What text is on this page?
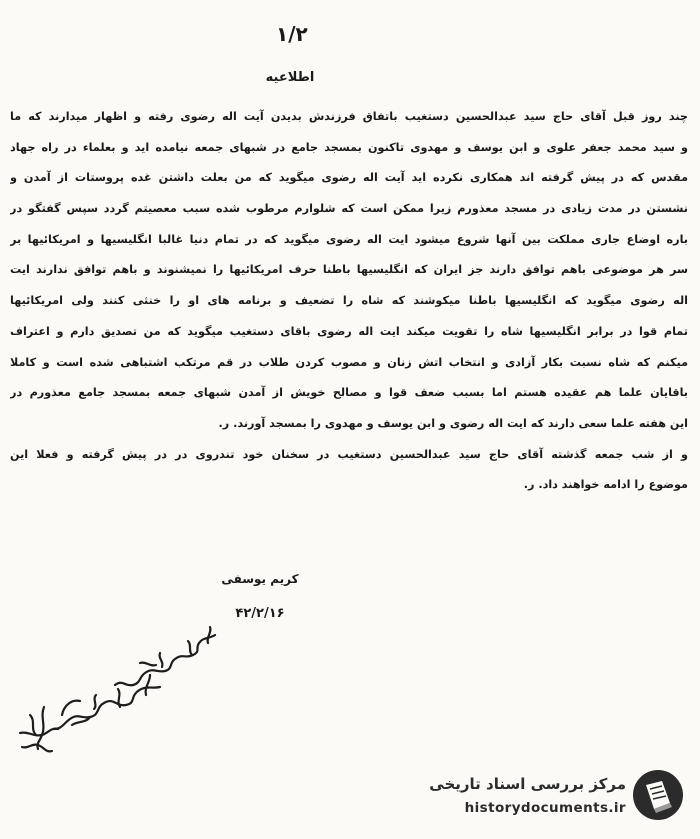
۱/۲
اطلاعیه
چند روز قبل آقای حاج سید عبدالحسین دستغیب باتفاق فرزندش بدیدن آیت اله رضوی رفته و اظهار میدارند که ما
و سید محمد جعفر علوی و ابن یوسف و مهدوی تاکنون بمسجد جامع در شبهای جمعه نیامده اید و بعلماء در راه جهاد
مقدس که در پیش گرفته اند همکاری نکرده اید آیت اله رضوی میگوید که من بعلت داشتن غده پروستات از آمدن و
نشستن در مدت زیادی در مسجد معذورم زیرا ممکن است که شلوارم مرطوب شده سبب معصیتم گردد سپس گفتگو در
باره اوضاع جاری مملکت بین آنها شروع میشود ایت اله رضوی میگوید که در تمام دنیا غالبا انگلیسیها و امریکائیها بر
سر هر موضوعی باهم توافق دارند جز ایران که انگلیسیها باطنا حرف امریکائیها را نمیشنوند و باهم توافق ندارند ایت
اله رضوی میگوید که انگلیسیها باطنا میکوشند که شاه را تضعیف و برنامه های او را خنثی کنند ولی امریکائیها
تمام قوا در برابر انگلیسیها شاه را تقویت میکند ایت اله رضوی باقای دستغیب میگوید که من تصدیق دارم و اعتراف
میکنم که شاه نسبت بکار آزادی و انتخاب اتش زنان و مصوب کردن طلاب در قم مرتکب اشتباهی شده است و کاملا
باقایان علما هم عقیده هستم اما بسبب ضعف قوا و مصالح خویش از آمدن شبهای جمعه بمسجد جامع معذورم در
این هفته علما سعی دارند که ایت اله رضوی و ابن یوسف و مهدوی را بمسجد آورند. ر.
و از شب جمعه گذشته آقای حاج سید عبدالحسین دستغیب در سخنان خود تندروی در در پیش گرفته و فعلا این
موضوع را ادامه خواهند داد. ر.
کریم یوسفی
۴۲/۲/۱۶
مرکز بررسی اسناد تاریخی
historydocuments.ir
